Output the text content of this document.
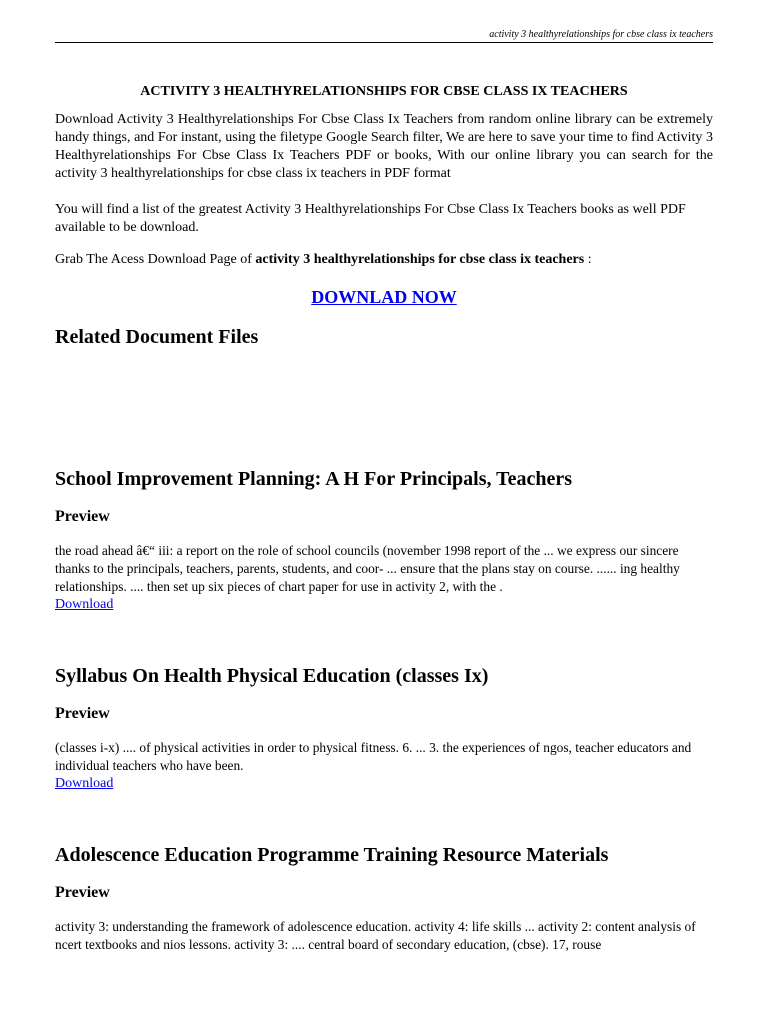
activity 3 healthyrelationships for cbse class ix teachers
ACTIVITY 3 HEALTHYRELATIONSHIPS FOR CBSE CLASS IX TEACHERS

Download Activity 3 Healthyrelationships For Cbse Class Ix Teachers from random online library can be extremely handy things, and For instant, using the filetype Google Search filter, We are here to save your time to find Activity 3 Healthyrelationships For Cbse Class Ix Teachers PDF or books, With our online library you can search for the activity 3 healthyrelationships for cbse class ix teachers in PDF format

You will find a list of the greatest Activity 3 Healthyrelationships For Cbse Class Ix Teachers books as well PDF available to be download.

Grab The Acess Download Page of activity 3 healthyrelationships for cbse class ix teachers :

DOWNLAD NOW
Related Document Files
School Improvement Planning: A H For Principals, Teachers
Preview

the road ahead â€“ iii: a report on the role of school councils (november 1998 report of the ... we express our sincere thanks to the principals, teachers, parents, students, and coor- ... ensure that the plans stay on course. ...... ing healthy relationships. .... then set up six pieces of chart paper for use in activity 2, with the .

Download
Syllabus On Health Physical Education (classes Ix)
Preview

(classes i-x) .... of physical activities in order to physical fitness. 6. ... 3. the experiences of ngos, teacher educators and individual teachers who have been.

Download
Adolescence Education Programme Training Resource Materials
Preview

activity 3: understanding the framework of adolescence education. activity 4: life skills ... activity 2: content analysis of ncert textbooks and nios lessons. activity 3: .... central board of secondary education, (cbse). 17, rouse
